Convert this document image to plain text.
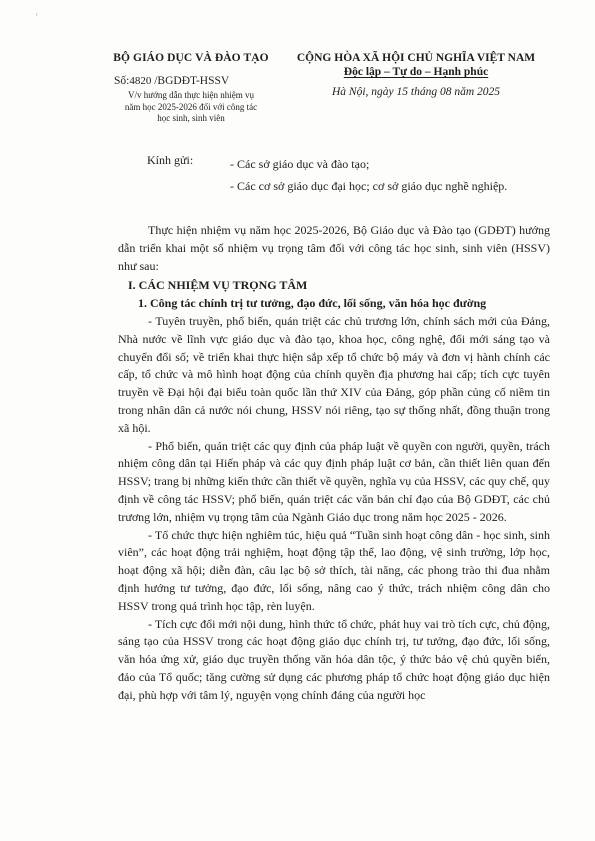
'
BỘ GIÁO DỤC VÀ ĐÀO TẠO
Số:4820 /BGDĐT-HSSV
V/v hướng dẫn thực hiện nhiệm vụ
năm học 2025-2026 đối với công tác
học sinh, sinh viên
CỘNG HÒA XÃ HỘI CHỦ NGHĨA VIỆT NAM
Độc lập – Tự do – Hạnh phúc
Hà Nội, ngày 15 tháng 08 năm 2025
Kính gửi:	- Các sở giáo dục và đào tạo;
- Các cơ sở giáo dục đại học; cơ sở giáo dục nghề nghiệp.

Thực hiện nhiệm vụ năm học 2025-2026, Bộ Giáo dục và Đào tạo (GDĐT) hướng dẫn triển khai một số nhiệm vụ trọng tâm đối với công tác học sinh, sinh viên (HSSV) như sau:

I. CÁC NHIỆM VỤ TRỌNG TÂM

1. Công tác chính trị tư tưởng, đạo đức, lối sống, văn hóa học đường

- Tuyên truyền, phổ biến, quán triệt các chủ trương lớn, chính sách mới của Đảng, Nhà nước về lĩnh vực giáo dục và đào tạo, khoa học, công nghệ, đổi mới sáng tạo và chuyển đổi số; về triển khai thực hiện sắp xếp tổ chức bộ máy và đơn vị hành chính các cấp, tổ chức và mô hình hoạt động của chính quyền địa phương hai cấp; tích cực tuyên truyền về Đại hội đại biểu toàn quốc lần thứ XIV của Đảng, góp phần củng cố niềm tin trong nhân dân cả nước nói chung, HSSV nói riêng, tạo sự thống nhất, đồng thuận trong xã hội.

- Phổ biến, quán triệt các quy định của pháp luật về quyền con người, quyền, trách nhiệm công dân tại Hiến pháp và các quy định pháp luật cơ bản, cần thiết liên quan đến HSSV; trang bị những kiến thức cần thiết về quyền, nghĩa vụ của HSSV, các quy chế, quy định về công tác HSSV; phổ biến, quán triệt các văn bản chỉ đạo của Bộ GDĐT, các chủ trương lớn, nhiệm vụ trọng tâm của Ngành Giáo dục trong năm học 2025 - 2026.

- Tổ chức thực hiện nghiêm túc, hiệu quả “Tuần sinh hoạt công dân - học sinh, sinh viên”, các hoạt động trải nghiệm, hoạt động tập thể, lao động, vệ sinh trường, lớp học, hoạt động xã hội; diễn đàn, câu lạc bộ sở thích, tài năng, các phong trào thi đua nhằm định hướng tư tưởng, đạo đức, lối sống, nâng cao ý thức, trách nhiệm công dân cho HSSV trong quá trình học tập, rèn luyện.

- Tích cực đổi mới nội dung, hình thức tổ chức, phát huy vai trò tích cực, chủ động, sáng tạo của HSSV trong các hoạt động giáo dục chính trị, tư tưởng, đạo đức, lối sống, văn hóa ứng xử, giáo dục truyền thống văn hóa dân tộc, ý thức bảo vệ chủ quyền biển, đảo của Tổ quốc; tăng cường sử dụng các phương pháp tổ chức hoạt động giáo dục hiện đại, phù hợp với tâm lý, nguyện vọng chính đáng của người học
